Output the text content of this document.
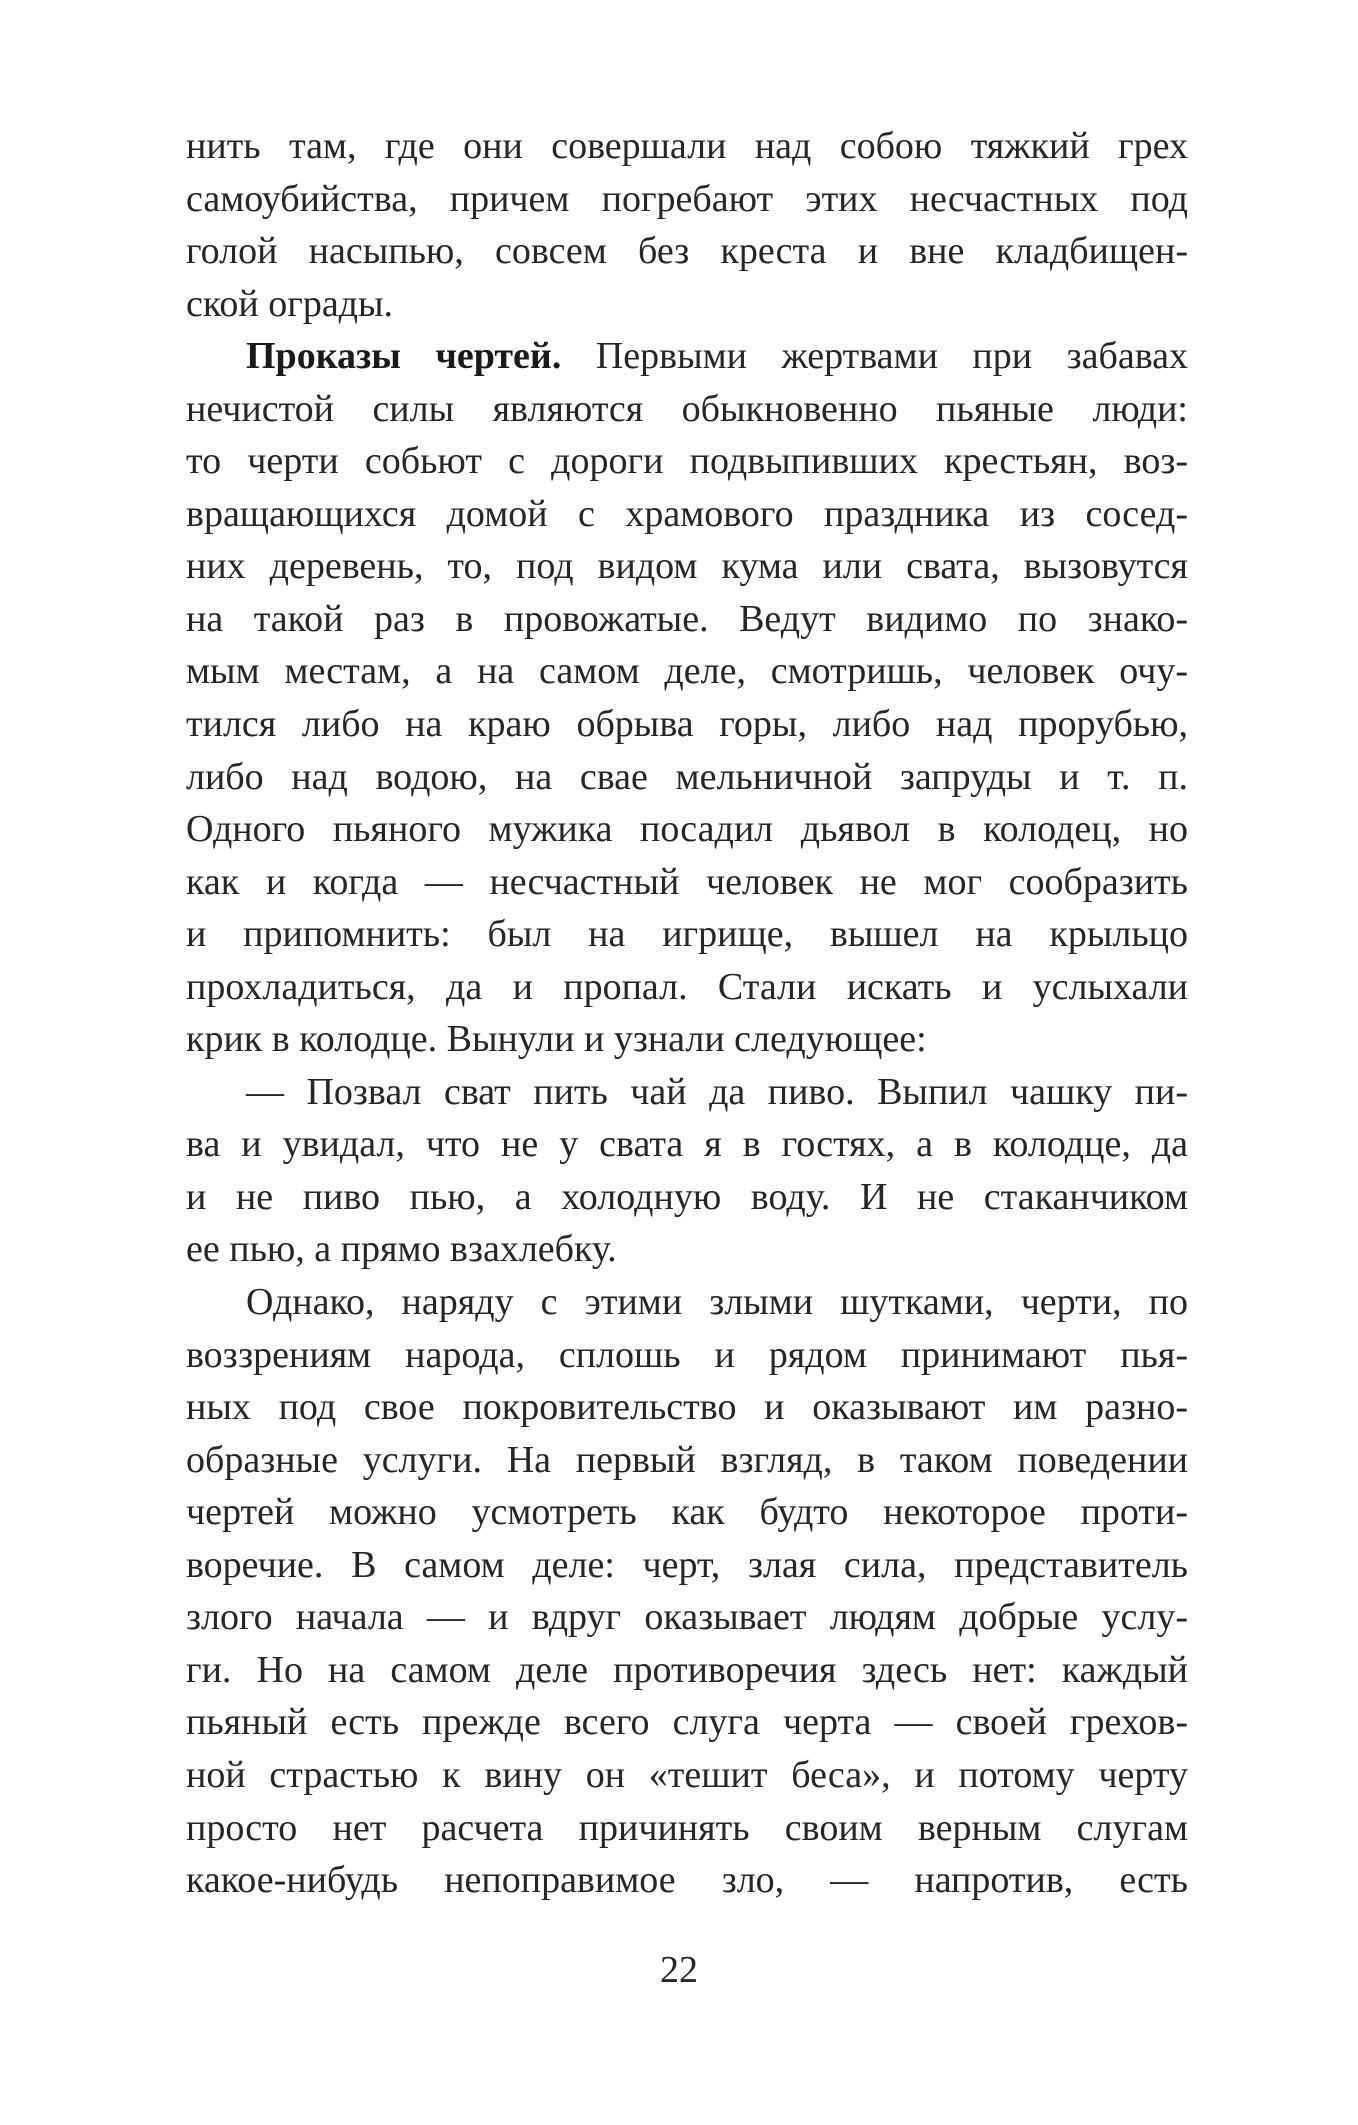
нить там, где они совершали над собою тяжкий грех
самоубийства, причем погребают этих несчастных под
голой насыпью, совсем без креста и вне кладбищен-
ской ограды.
Проказы чертей. Первыми жертвами при забавах
нечистой силы являются обыкновенно пьяные люди:
то черти собьют с дороги подвыпивших крестьян, воз-
вращающихся домой с храмового праздника из сосед-
них деревень, то, под видом кума или свата, вызовутся
на такой раз в провожатые. Ведут видимо по знако-
мым местам, а на самом деле, смотришь, человек очу-
тился либо на краю обрыва горы, либо над прорубью,
либо над водою, на свае мельничной запруды и т. п.
Одного пьяного мужика посадил дьявол в колодец, но
как и когда — несчастный человек не мог сообразить
и припомнить: был на игрище, вышел на крыльцо
прохладиться, да и пропал. Стали искать и услыхали
крик в колодце. Вынули и узнали следующее:
— Позвал сват пить чай да пиво. Выпил чашку пи-
ва и увидал, что не у свата я в гостях, а в колодце, да
и не пиво пью, а холодную воду. И не стаканчиком
ее пью, а прямо взахлебку.
Однако, наряду с этими злыми шутками, черти, по
воззрениям народа, сплошь и рядом принимают пья-
ных под свое покровительство и оказывают им разно-
образные услуги. На первый взгляд, в таком поведении
чертей можно усмотреть как будто некоторое проти-
воречие. В самом деле: черт, злая сила, представитель
злого начала — и вдруг оказывает людям добрые услу-
ги. Но на самом деле противоречия здесь нет: каждый
пьяный есть прежде всего слуга черта — своей грехов-
ной страстью к вину он «тешит беса», и потому черту
просто нет расчета причинять своим верным слугам
какое-нибудь непоправимое зло, — напротив, есть
22
